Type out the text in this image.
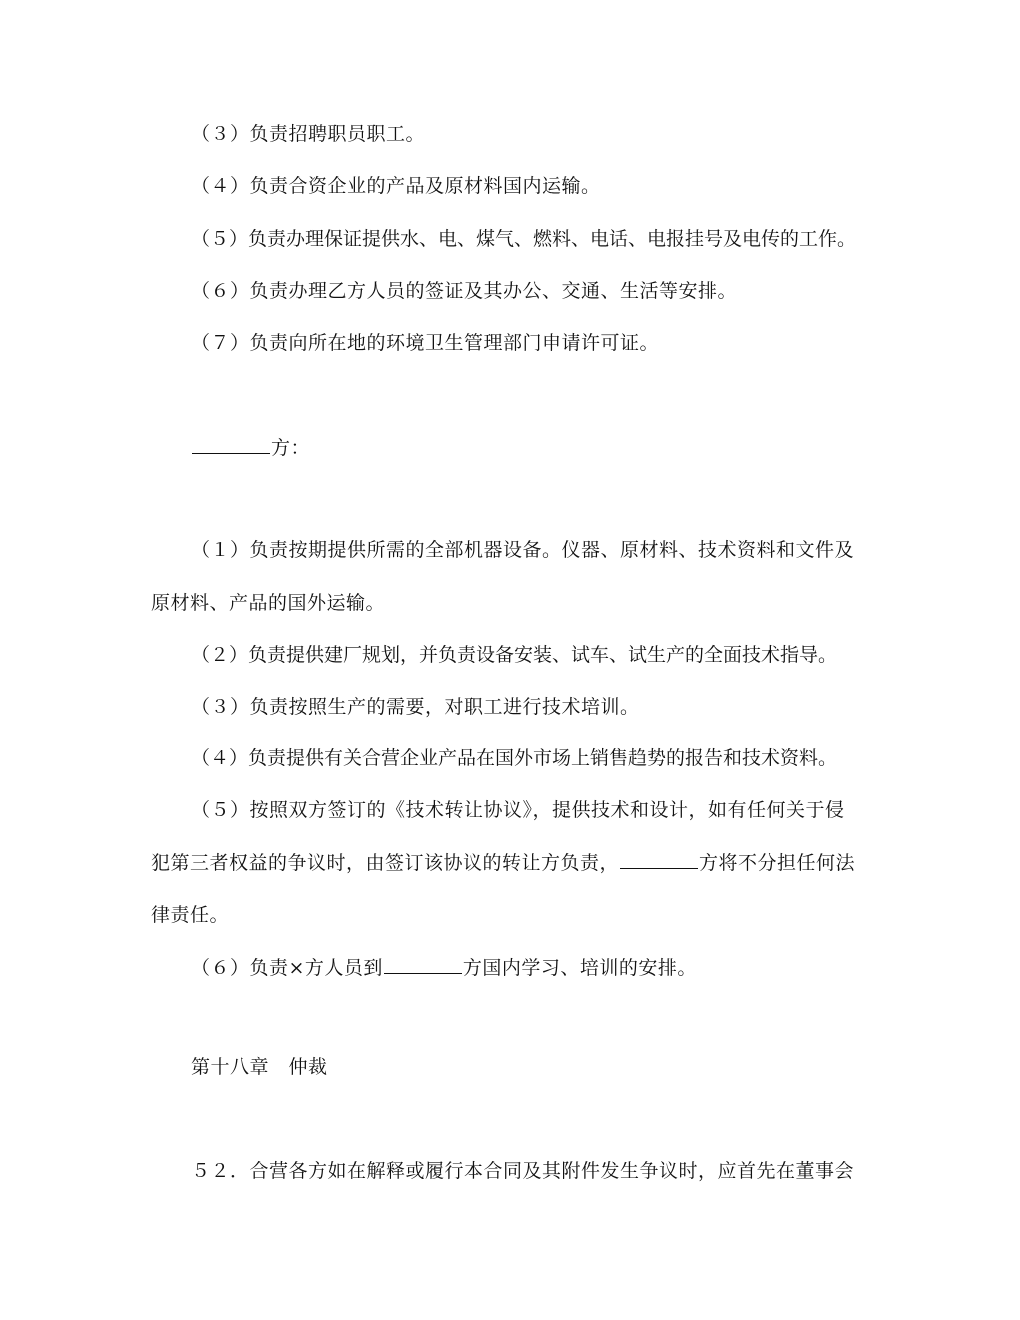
（３）负责招聘职员职工。
（４）负责合资企业的产品及原材料国内运输。
（５）负责办理保证提供水、电、煤气、燃料、电话、电报挂号及电传的工作。
（６）负责办理乙方人员的签证及其办公、交通、生活等安排。
（７）负责向所在地的环境卫生管理部门申请许可证。
方：
（１）负责按期提供所需的全部机器设备。仪器、原材料、技术资料和文件及
原材料、产品的国外运输。
（２）负责提供建厂规划，并负责设备安装、试车、试生产的全面技术指导。
（３）负责按照生产的需要，对职工进行技术培训。
（４）负责提供有关合营企业产品在国外市场上销售趋势的报告和技术资料。
（５）按照双方签订的《技术转让协议》，提供技术和设计，如有任何关于侵
犯第三者权益的争议时，由签订该协议的转让方负责，	方将不分担任何法
律责任。
（６）负责×方人员到	方国内学习、培训的安排。
第十八章　仲裁
５２．合营各方如在解释或履行本合同及其附件发生争议时，应首先在董事会
